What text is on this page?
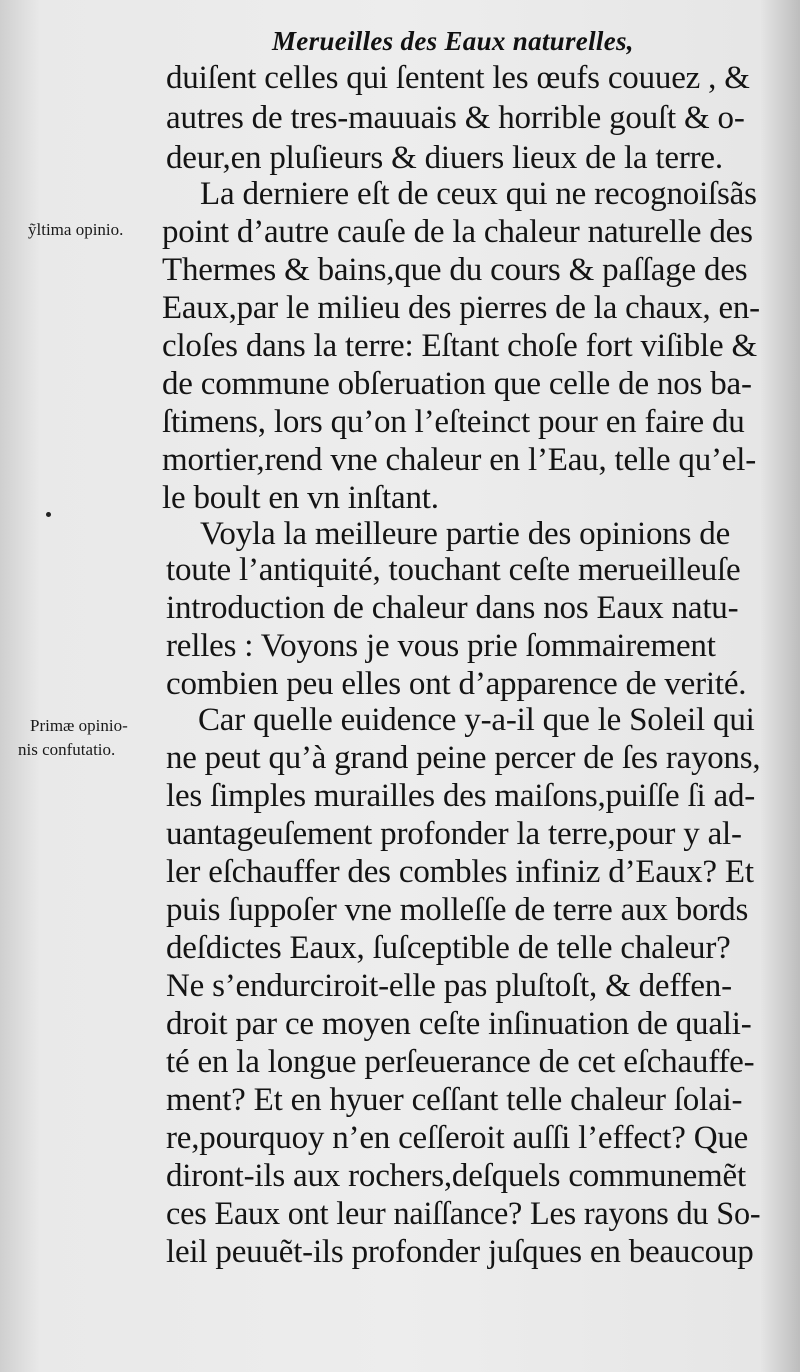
Merueilles des Eaux naturelles,
ỹltima opinio.
Primæ opinio-
nis confutatio.
duiſent celles qui ſentent les œufs couuez , &
autres de tres-mauuais & horrible gouſt & o-
deur,en pluſieurs & diuers lieux de la terre.
La derniere eſt de ceux qui ne recognoiſsãs
point d’autre cauſe de la chaleur naturelle des
Thermes & bains,que du cours & paſſage des
Eaux,par le milieu des pierres de la chaux, en-
cloſes dans la terre: Eſtant choſe fort viſible &
de commune obſeruation que celle de nos ba-
ſtimens, lors qu’on l’eſteinct pour en faire du
mortier,rend vne chaleur en l’Eau, telle qu’el-
le boult en vn inſtant.
Voyla la meilleure partie des opinions de
toute l’antiquité, touchant ceſte merueilleuſe
introduction de chaleur dans nos Eaux natu-
relles : Voyons je vous prie ſommairement
combien peu elles ont d’apparence de verité.
Car quelle euidence y-a-il que le Soleil qui
ne peut qu’à grand peine percer de ſes rayons,
les ſimples murailles des maiſons,puiſſe ſi ad-
uantageuſement profonder la terre,pour y al-
ler eſchauffer des combles infiniz d’Eaux? Et
puis ſuppoſer vne molleſſe de terre aux bords
deſdictes Eaux, ſuſceptible de telle chaleur?
Ne s’endurciroit-elle pas pluſtoſt, & deffen-
droit par ce moyen ceſte inſinuation de quali-
té en la longue perſeuerance de cet eſchauffe-
ment? Et en hyuer ceſſant telle chaleur ſolai-
re,pourquoy n’en ceſſeroit auſſi l’effect? Que
diront-ils aux rochers,deſquels communemẽt
ces Eaux ont leur naiſſance? Les rayons du So-
leil peuuẽt-ils profonder juſques en beaucoup
